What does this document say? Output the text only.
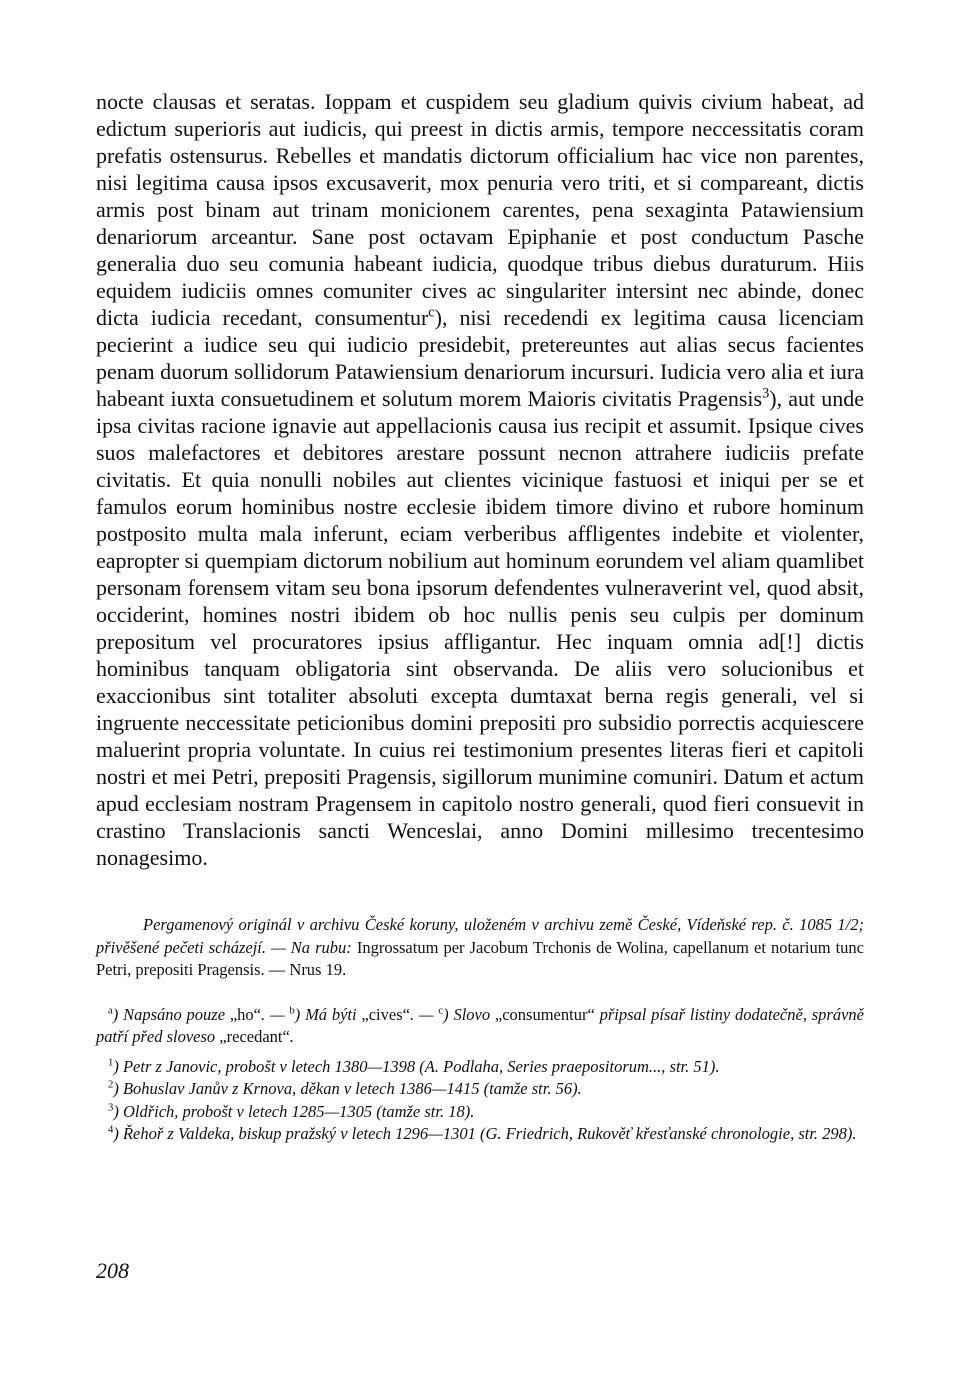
nocte clausas et seratas. Ioppam et cuspidem seu gladium quivis civium habeat, ad edictum superioris aut iudicis, qui preest in dictis armis, tempore neccessitatis coram prefatis ostensurus. Rebelles et mandatis dictorum officialium hac vice non parentes, nisi legitima causa ipsos excusaverit, mox penuria vero triti, et si compareant, dictis armis post binam aut trinam monicionem carentes, pena sexaginta Patawiensium denariorum arceantur. Sane post octavam Epiphanie et post conductum Pasche generalia duo seu comunia habeant iudicia, quodque tribus diebus duraturum. Hiis equidem iudiciis omnes comuniter cives ac singulariter intersint nec abinde, donec dicta iudicia recedant, consumentur$^c$), nisi recedendi ex legitima causa licenciam pecierint a iudice seu qui iudicio presidebit, pretereuntes aut alias secus facientes penam duorum sollidorum Patawiensium denariorum incursuri. Iudicia vero alia et iura habeant iuxta consuetudinem et solutum morem Maioris civitatis Pragensis$^3$), aut unde ipsa civitas racione ignavie aut appellacionis causa ius recipit et assumit. Ipsique cives suos malefactores et debitores arestare possunt necnon attrahere iudiciis prefate civitatis. Et quia nonulli nobiles aut clientes vicinique fastuosi et iniqui per se et famulos eorum hominibus nostre ecclesie ibidem timore divino et rubore hominum postposito multa mala inferunt, eciam verberibus affligentes indebite et violenter, eapropter si quempiam dictorum nobilium aut hominum eorundem vel aliam quamlibet personam forensem vitam seu bona ipsorum defendentes vulneraverint vel, quod absit, occiderint, homines nostri ibidem ob hoc nullis penis seu culpis per dominum prepositum vel procuratores ipsius affligantur. Hec inquam omnia ad[!] dictis hominibus tanquam obligatoria sint observanda. De aliis vero solucionibus et exaccionibus sint totaliter absoluti excepta dumtaxat berna regis generali, vel si ingruente neccessitate peticionibus domini prepositi pro subsidio porrectis acquiescere maluerint propria voluntate. In cuius rei testimonium presentes literas fieri et capitoli nostri et mei Petri, prepositi Pragensis, sigillorum munimine comuniri. Datum et actum apud ecclesiam nostram Pragensem in capitolo nostro generali, quod fieri consuevit in crastino Translacionis sancti Wenceslai, anno Domini millesimo trecentesimo nonagesimo.

Pergamenový originál v archivu České koruny, uloženém v archivu země České, Vídeňské rep. č. 1085 1/2; přivěšené pečeti scházejí. — Na rubu: Ingrossatum per Jacobum Trchonis de Wolina, capellanum et notarium tunc Petri, prepositi Pragensis. — Nrus 19.

$^a$) Napsáno pouze „ho“. — $^b$) Má býti „cives“. — $^c$) Slovo „consumentur“ připsal písař listiny dodatečně, správně patří před sloveso „recedant“.

$^1$) Petr z Janovic, probošt v letech 1380—1398 (A. Podlaha, Series praepositorum..., str. 51).

$^2$) Bohuslav Janův z Krnova, děkan v letech 1386—1415 (tamže str. 56).

$^3$) Oldřich, probošt v letech 1285—1305 (tamže str. 18).

$^4$) Řehoř z Valdeka, biskup pražský v letech 1296—1301 (G. Friedrich, Rukověť křesťanské chronologie, str. 298).

208
